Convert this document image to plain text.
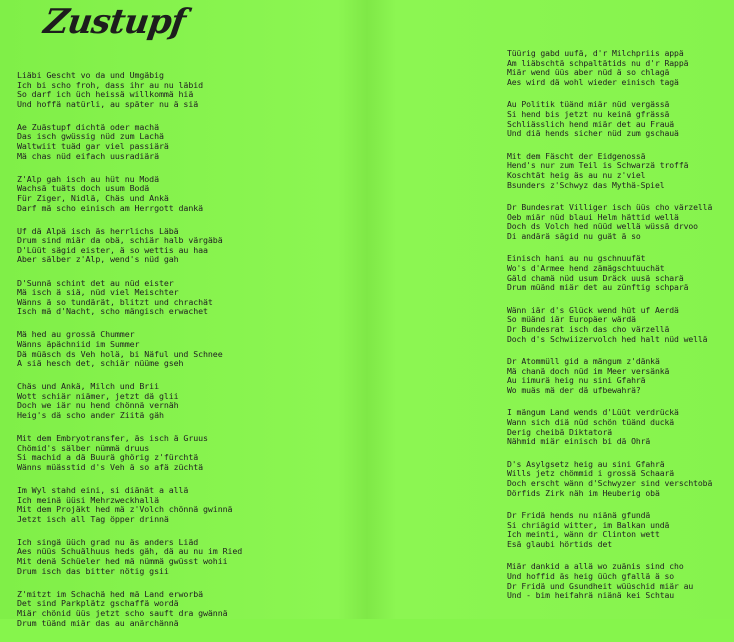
Zustupf
Liäbi Gescht vo da und Umgäbig
Ich bi scho froh, dass ihr au nu läbid
So darf ich üch heissä willkommä hiä
Und hoffä natürli, au später nu ä siä
Ae Zuästupf dichtä oder machä
Das isch gwüssig nüd zum Lachä
Waltwiit tuäd gar viel passiärä
Mä chas nüd eifach uusradiärä
Z'Alp gah isch au hüt nu Modä
Wachsä tuäts doch usum Bodä
Für Ziger, Nidlä, Chäs und Ankä
Darf mä scho einisch am Herrgott dankä
Uf dä Alpä isch äs herrlichs Läbä
Drum sind miär da obä, schiär halb värgäbä
D'Lüüt sägid eister, ä so wettis au haa
Aber sälber z'Alp, wend's nüd gah
D'Sunnä schint det au nüd eister
Mä isch ä siä, nüd viel Meischter
Wänns ä so tundärät, blitzt und chrachät
Isch mä d'Nacht, scho mängisch erwachet
Mä hed au grossä Chummer
Wänns äpächniid im Summer
Dä müäsch ds Veh holä, bi Näful und Schnee
A siä hesch det, schiär nüüme gseh
Chäs und Ankä, Milch und Brii
Wott schiär niämer, jetzt dä glii
Doch we iär nu hend chönnä vernäh
Heig's dä scho ander Ziitä gäh
Mit dem Embryotransfer, äs isch ä Gruus
Chömid's sälber nümmä druus
Si machid a dä Buurä ghörig z'fürchtä
Wänns müässtid d's Veh ä so afä züchtä
Im Wyl stahd eini, si diänät a allä
Ich meinä üüsi Mehrzweckhallä
Mit dem Projäkt hed mä z'Volch chönnä gwinnä
Jetzt isch all Tag öpper drinnä
Ich singä üüch grad nu äs anders Liäd
Aes nüüs Schuälhuus heds gäh, dä au nu im Ried
Mit denä Schüeler hed mä nümmä gwüsst wohii
Drum isch das bitter nötig gsii
Z'mitzt im Schachä hed mä Land erworbä
Det sind Parkplätz gschaffä wordä
Miär chönid üüs jetzt scho sauft dra gwännä
Drum tüänd miär das au anärchännä
Tüürig gabd uufä, d'r Milchpriis appä
Am liäbschtä schpaltätids nu d'r Rappä
Miär wend üüs aber nüd ä so chlagä
Aes wird dä wohl wieder einisch tagä
Au Politik tüänd miär nüd vergässä
Si hend bis jetzt nu keinä gfrässä
Schliässlich hend miär det au Frauä
Und diä hends sicher nüd zum gschauä
Mit dem Fäscht der Eidgenossä
Hend's nur zum Teil is Schwarzä troffä
Koschtät heig äs au nu z'viel
Bsunders z'Schwyz das Mythä-Spiel
Dr Bundesrat Villiger isch üüs cho värzellä
Oeb miär nüd blaui Helm hättid wellä
Doch ds Volch hed nüüd wellä wüssä drvoo
Di andärä sägid nu guät ä so
Einisch hani au nu gschnuufät
Wo's d'Armee hend zämägschtuuchät
Gäld chamä nüd usum Dräck uusä scharä
Drum müänd miär det au zünftig schparä
Wänn iär d's Glück wend hüt uf Aerdä
So müänd iär Europäer wärdä
Dr Bundesrat isch das cho värzellä
Doch d's Schwiizervolch hed halt nüd wellä
Dr Atommüll gid a mängum z'dänkä
Mä chanä doch nüd im Meer versänkä
Au iimurä heig nu sini Gfahrä
Wo muäs mä der dä ufbewahrä?
I mängum Land wends d'Lüüt verdrückä
Wann sich diä nüd schön tüänd duckä
Derig cheibä Diktatorä
Nähmid miär einisch bi dä Ohrä
D's Asylgsetz heig au sini Gfahrä
Wills jetz chömmid i grossä Schaarä
Doch erscht wänn d'Schwyzer sind verschtobä
Dörfids Zirk näh im Heuberig obä
Dr Fridä hends nu niänä gfundä
Si chriägid witter, im Balkan undä
Ich meinti, wänn dr Clinton wett
Esä glaubi hörtids det
Miär dankid a allä wo zuänis sind cho
Und hoffid äs heig üüch gfallä ä so
Dr Fridä und Gsundheit wüüschid miär au
Und - bim heifahrä niänä kei Schtau
